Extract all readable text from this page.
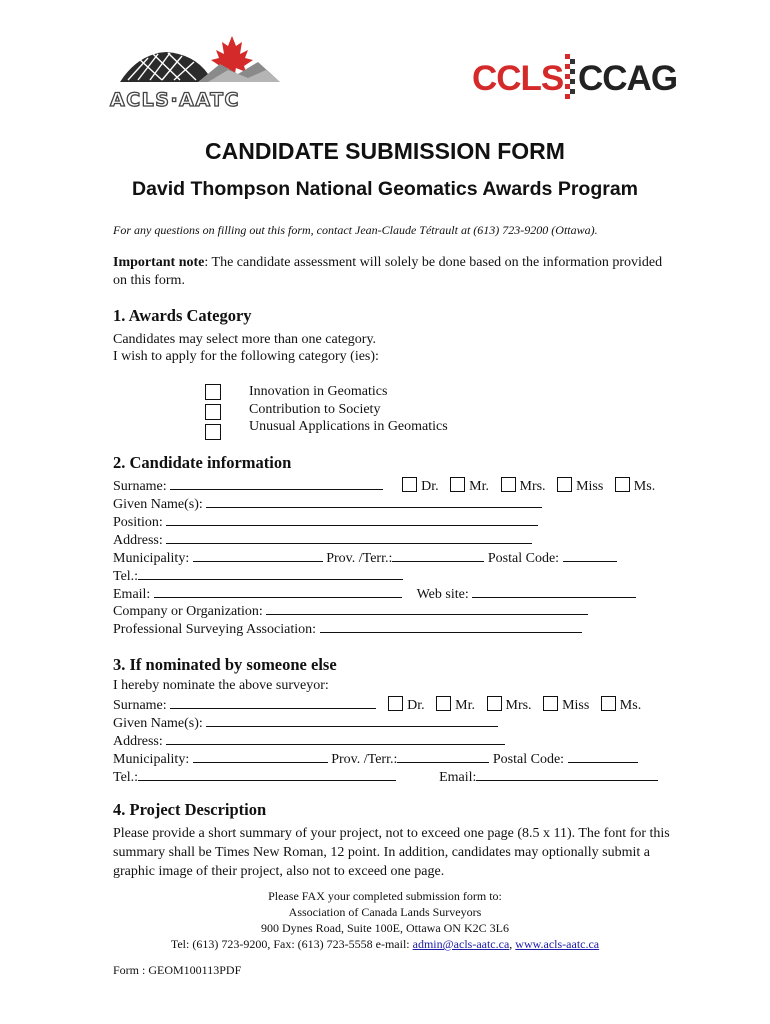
ACLS·AATC
CCLS CCAG
CANDIDATE SUBMISSION FORM
David Thompson National Geomatics Awards Program
For any questions on filling out this form, contact Jean-Claude Tétrault at (613) 723-9200 (Ottawa).
Important note: The candidate assessment will solely be done based on the information provided on this form.
1. Awards Category
Candidates may select more than one category.
I wish to apply for the following category (ies):
Innovation in Geomatics
Contribution to Society
Unusual Applications in Geomatics
2. Candidate information
Surname:	Dr. Mr. Mrs. Miss Ms.
Given Name(s):
Position:
Address:
Municipality:	Prov. /Terr.:	Postal Code:
Tel.:
Email:	Web site:
Company or Organization:
Professional Surveying Association:
3. If nominated by someone else
I hereby nominate the above surveyor:
Surname:	Dr. Mr. Mrs. Miss Ms.
Given Name(s):
Address:
Municipality:	Prov. /Terr.:	Postal Code:
Tel.:	Email:
4. Project Description
Please provide a short summary of your project, not to exceed one page (8.5 x 11). The font for this summary shall be Times New Roman, 12 point. In addition, candidates may optionally submit a graphic image of their project, also not to exceed one page.
Please FAX your completed submission form to:
Association of Canada Lands Surveyors
900 Dynes Road, Suite 100E, Ottawa ON K2C 3L6
Tel: (613) 723-9200, Fax: (613) 723-5558 e-mail: admin@acls-aatc.ca, www.acls-aatc.ca
Form : GEOM100113PDF
